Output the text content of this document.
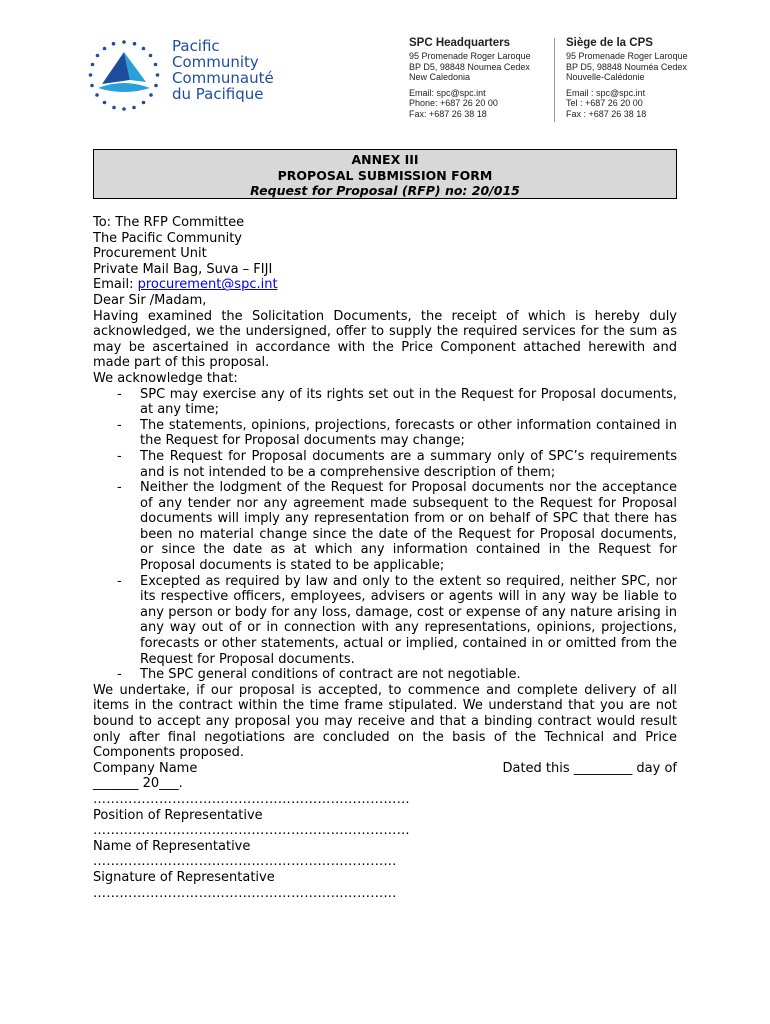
Pacific
Community
Communauté
du Pacifique
SPC Headquarters
95 Promenade Roger Laroque
BP D5, 98848 Noumea Cedex
New Caledonia
Email: spc@spc.int
Phone: +687 26 20 00
Fax: +687 26 38 18
Siège de la CPS
95 Promenade Roger Laroque
BP D5, 98848 Nouméa Cedex
Nouvelle-Calédonie
Email : spc@spc.int
Tel : +687 26 20 00
Fax : +687 26 38 18
ANNEX III
PROPOSAL SUBMISSION FORM
Request for Proposal (RFP) no: 20/015
To: The RFP Committee
The Pacific Community
Procurement Unit
Private Mail Bag, Suva – FIJI
Email: procurement@spc.int
Dear Sir /Madam,

Having examined the Solicitation Documents, the receipt of which is hereby duly acknowledged, we the undersigned, offer to supply the required services for the sum as may be ascertained in accordance with the Price Component attached herewith and made part of this proposal.

We acknowledge that:
- SPC may exercise any of its rights set out in the Request for Proposal documents, at any time;
- The statements, opinions, projections, forecasts or other information contained in the Request for Proposal documents may change;
- The Request for Proposal documents are a summary only of SPC’s requirements and is not intended to be a comprehensive description of them;
- Neither the lodgment of the Request for Proposal documents nor the acceptance of any tender nor any agreement made subsequent to the Request for Proposal documents will imply any representation from or on behalf of SPC that there has been no material change since the date of the Request for Proposal documents, or since the date as at which any information contained in the Request for Proposal documents is stated to be applicable;
- Excepted as required by law and only to the extent so required, neither SPC, nor its respective officers, employees, advisers or agents will in any way be liable to any person or body for any loss, damage, cost or expense of any nature arising in any way out of or in connection with any representations, opinions, projections, forecasts or other statements, actual or implied, contained in or omitted from the Request for Proposal documents.
- The SPC general conditions of contract are not negotiable.

We undertake, if our proposal is accepted, to commence and complete delivery of all items in the contract within the time frame stipulated. We understand that you are not bound to accept any proposal you may receive and that a binding contract would result only after final negotiations are concluded on the basis of the Technical and Price Components proposed.

Company Name	Dated this _________ day of
_______ 20___.
………………………………………………………………
Position of Representative
………………………………………………………………
Name of Representative
……………………………………………………………
Signature of Representative
……………………………………………………………
